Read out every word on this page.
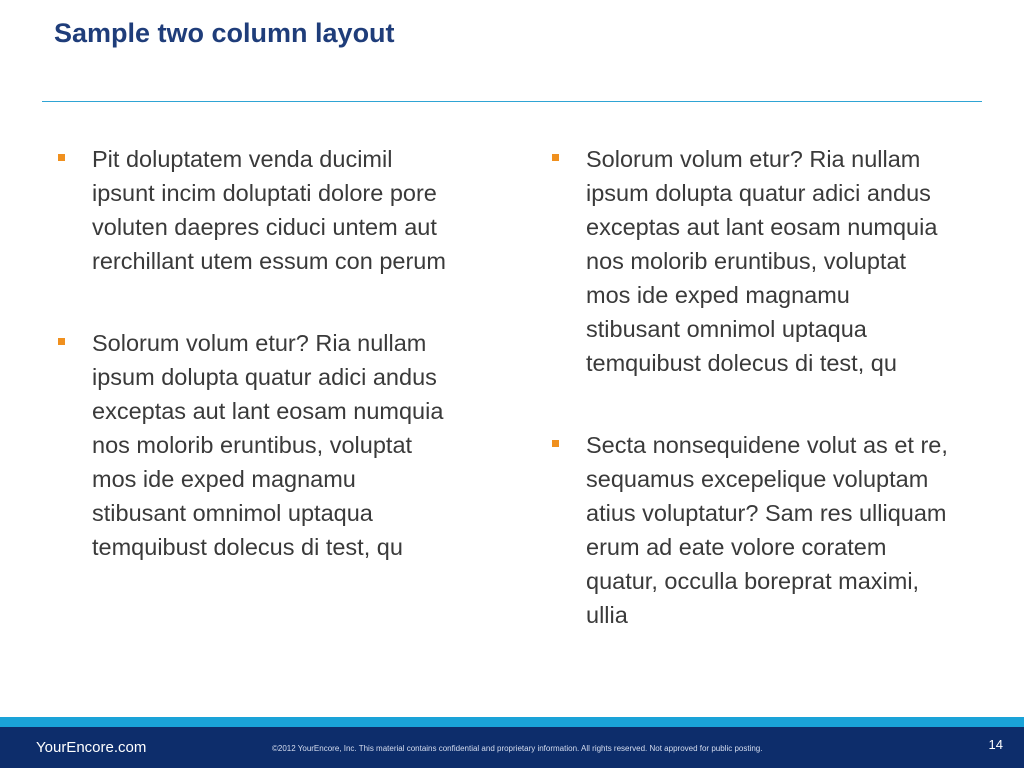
Sample two column layout
Pit doluptatem venda ducimil ipsunt incim doluptati dolore pore voluten daepres ciduci untem aut rerchillant utem essum con perum
Solorum volum etur? Ria nullam ipsum dolupta quatur adici andus exceptas aut lant eosam numquia nos molorib eruntibus, voluptat mos ide exped magnamu stibusant omnimol uptaqua temquibust dolecus di test, qu
Solorum volum etur? Ria nullam ipsum dolupta quatur adici andus exceptas aut lant eosam numquia nos molorib eruntibus, voluptat mos ide exped magnamu stibusant omnimol uptaqua temquibust dolecus di test, qu
Secta nonsequidene volut as et re, sequamus excepelique voluptam atius voluptatur? Sam res ulliquam erum ad eate volore coratem quatur, occulla boreprat maximi, ullia
YourEncore.com	©2012 YourEncore, Inc. This material contains confidential and proprietary information. All rights reserved. Not approved for public posting.	14
